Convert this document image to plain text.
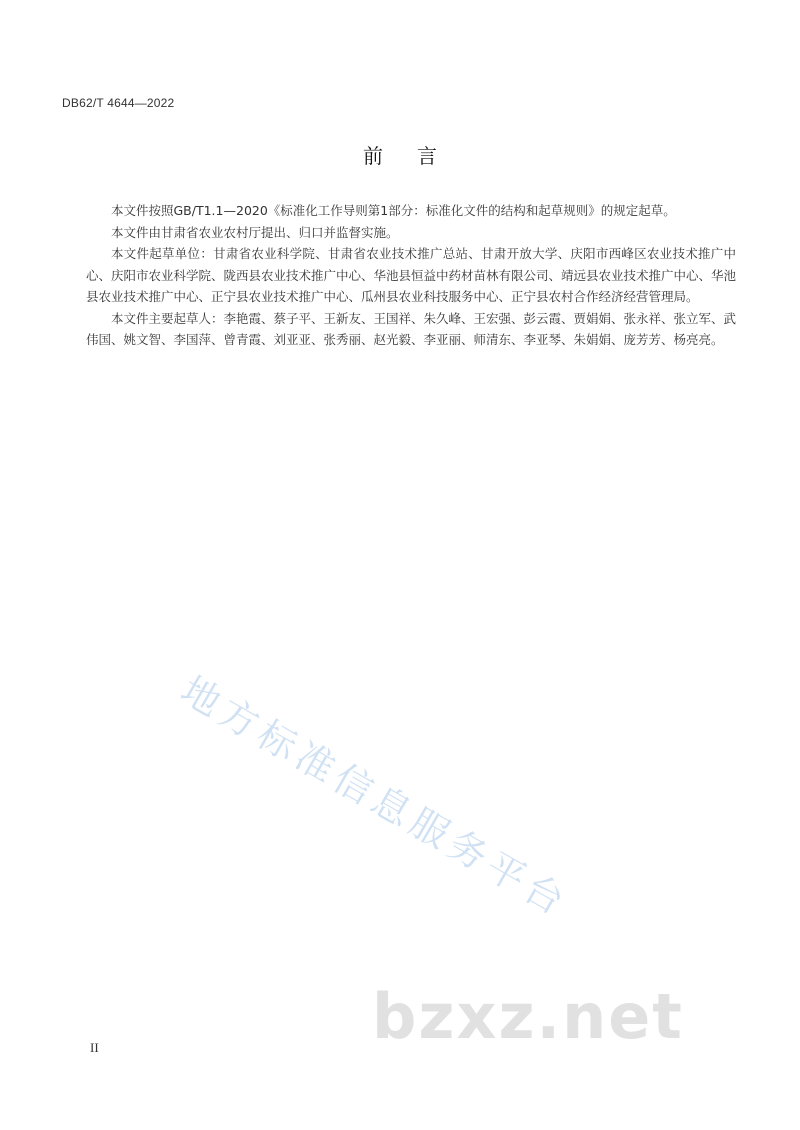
DB62/T 4644—2022
前 言

本文件按照GB/T1.1—2020《标准化工作导则第1部分：标准化文件的结构和起草规则》的规定起草。

本文件由甘肃省农业农村厅提出、归口并监督实施。

本文件起草单位：甘肃省农业科学院、甘肃省农业技术推广总站、甘肃开放大学、庆阳市西峰区农业技术推广中心、庆阳市农业科学院、陇西县农业技术推广中心、华池县恒益中药材苗林有限公司、靖远县农业技术推广中心、华池县农业技术推广中心、正宁县农业技术推广中心、瓜州县农业科技服务中心、正宁县农村合作经济经营管理局。

本文件主要起草人：李艳霞、蔡子平、王新友、王国祥、朱久峰、王宏强、彭云霞、贾娟娟、张永祥、张立军、武伟国、姚文智、李国萍、曾青霞、刘亚亚、张秀丽、赵光毅、李亚丽、师清东、李亚琴、朱娟娟、庞芳芳、杨亮亮。

地方标准信息服务平台
bzxz.net
II
